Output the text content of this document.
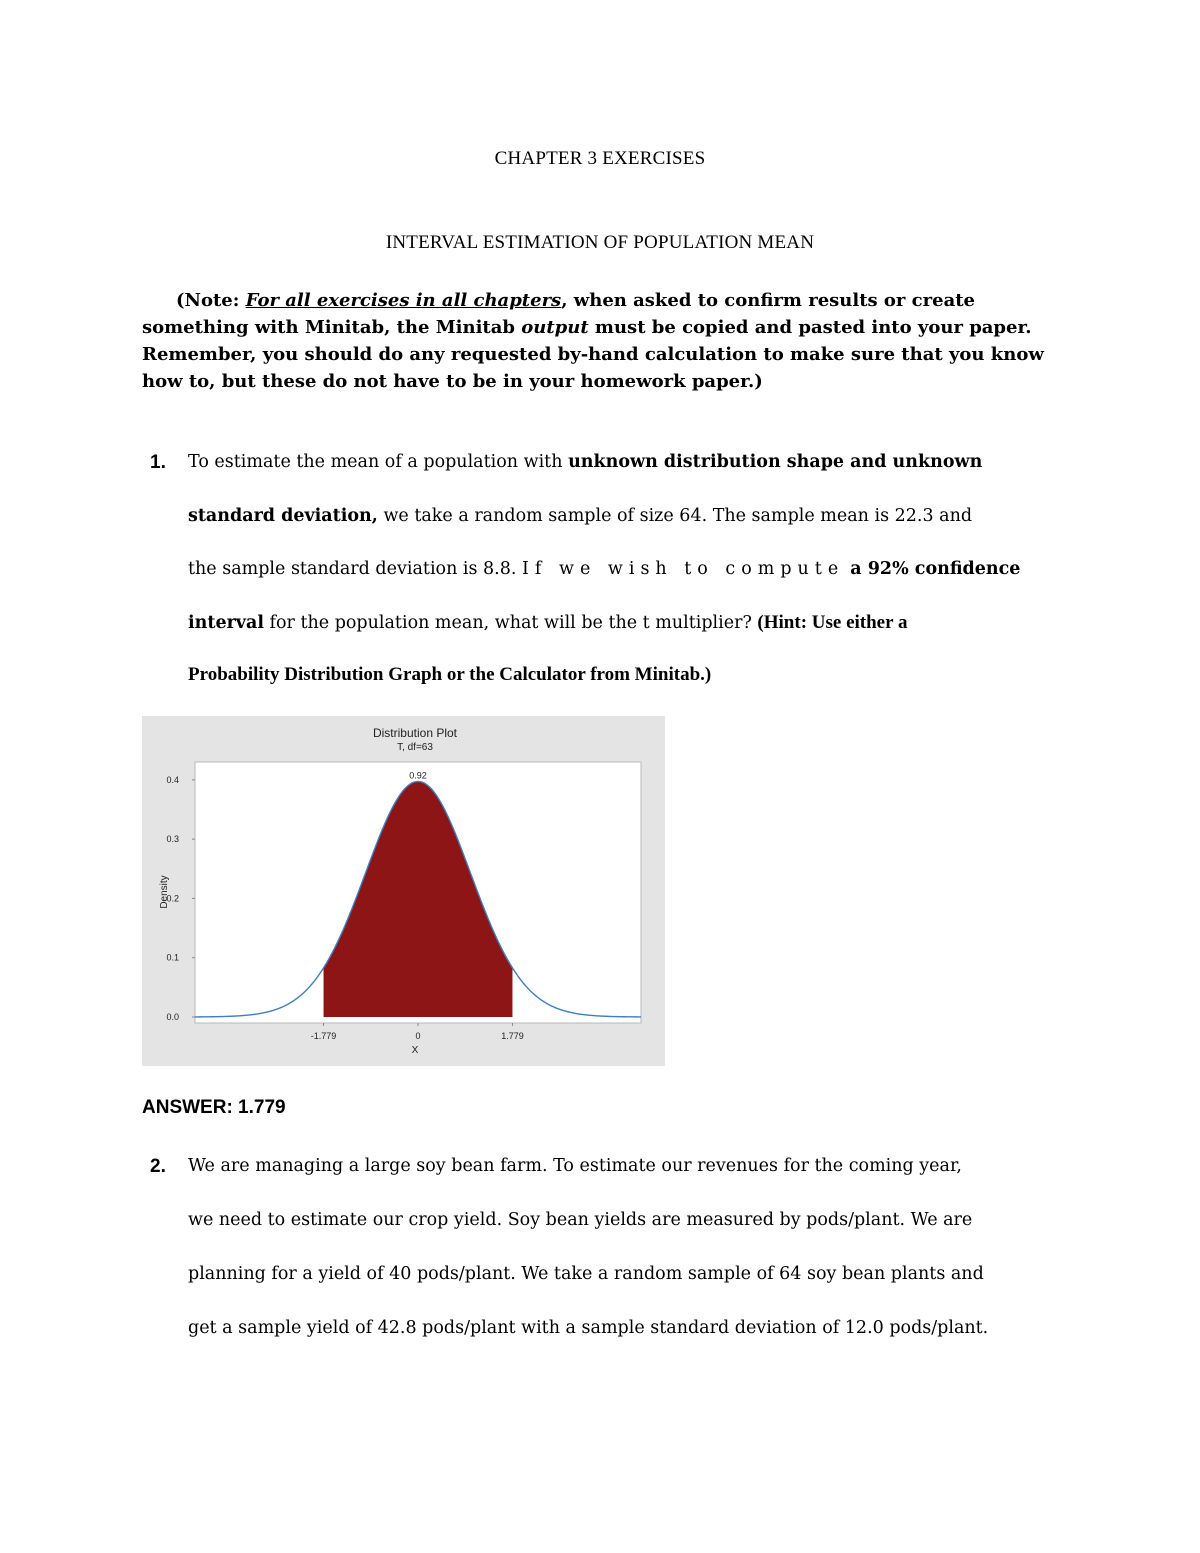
CHAPTER 3 EXERCISES
INTERVAL ESTIMATION OF POPULATION MEAN
(Note: For all exercises in all chapters, when asked to confirm results or create something with Minitab, the Minitab output must be copied and pasted into your paper. Remember, you should do any requested by-hand calculation to make sure that you know how to, but these do not have to be in your homework paper.)
1. To estimate the mean of a population with unknown distribution shape and unknown
standard deviation, we take a random sample of size 64. The sample mean is 22.3 and
the sample standard deviation is 8.8. If we wish to compute a 92% confidence
interval for the population mean, what will be the t multiplier? (Hint: Use either a
Probability Distribution Graph or the Calculator from Minitab.)
Distribution Plot
T, df=63
X
Density
0.0
0.1
0.2
0.3
0.4
-1.779	0	1.779
0.92
ANSWER: 1.779
2. We are managing a large soy bean farm. To estimate our revenues for the coming year,
we need to estimate our crop yield. Soy bean yields are measured by pods/plant. We are
planning for a yield of 40 pods/plant. We take a random sample of 64 soy bean plants and
get a sample yield of 42.8 pods/plant with a sample standard deviation of 12.0 pods/plant.
